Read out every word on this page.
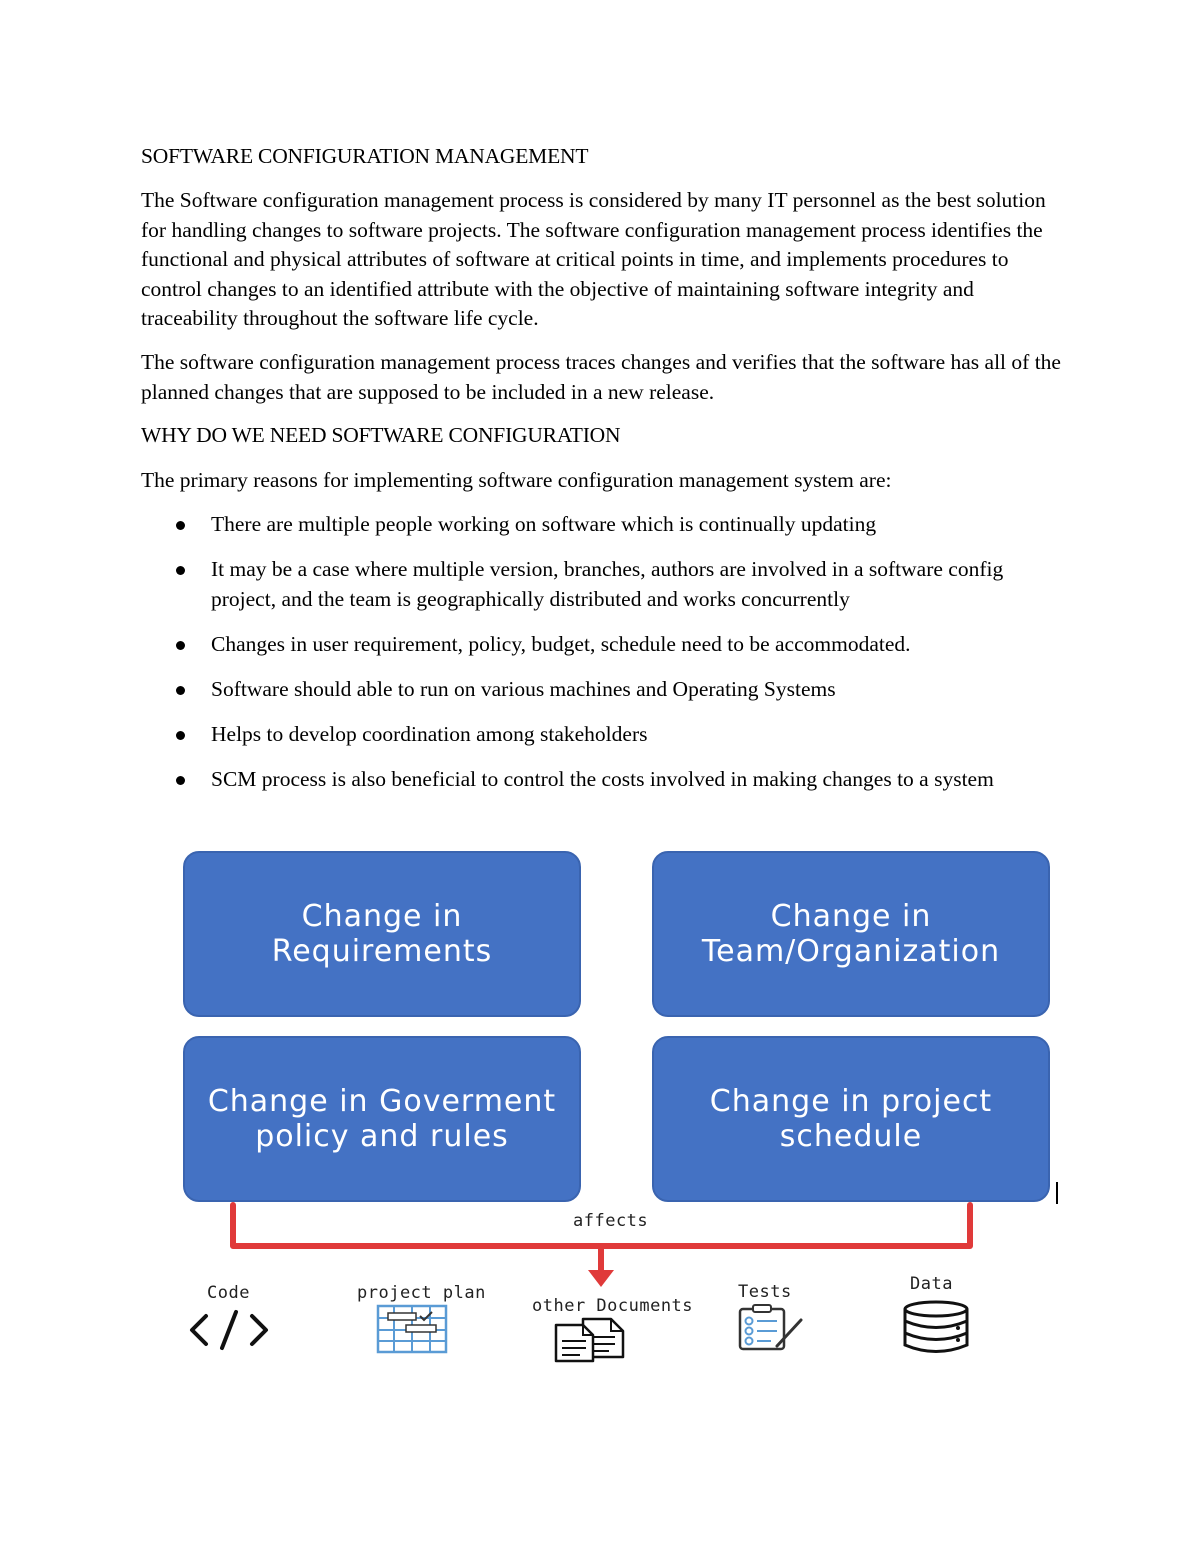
SOFTWARE CONFIGURATION MANAGEMENT
The Software configuration management process is considered by many IT personnel as the best solution for handling changes to software projects. The software configuration management process identifies the functional and physical attributes of software at critical points in time, and implements procedures to control changes to an identified attribute with the objective of maintaining software integrity and traceability throughout the software life cycle.
The software configuration management process traces changes and verifies that the software has all of the planned changes that are supposed to be included in a new release.
WHY DO WE NEED SOFTWARE CONFIGURATION
The primary reasons for implementing software configuration management system are:
There are multiple people working on software which is continually updating
It may be a case where multiple version, branches, authors are involved in a software config project, and the team is geographically distributed and works concurrently
Changes in user requirement, policy, budget, schedule need to be accommodated.
Software should able to run on various machines and Operating Systems
Helps to develop coordination among stakeholders
SCM process is also beneficial to control the costs involved in making changes to a system
Change in Requirements
Change in Team/Organization
Change in Goverment policy and rules
Change in project schedule
affects
Code	project plan
other Documents
Tests	Data
